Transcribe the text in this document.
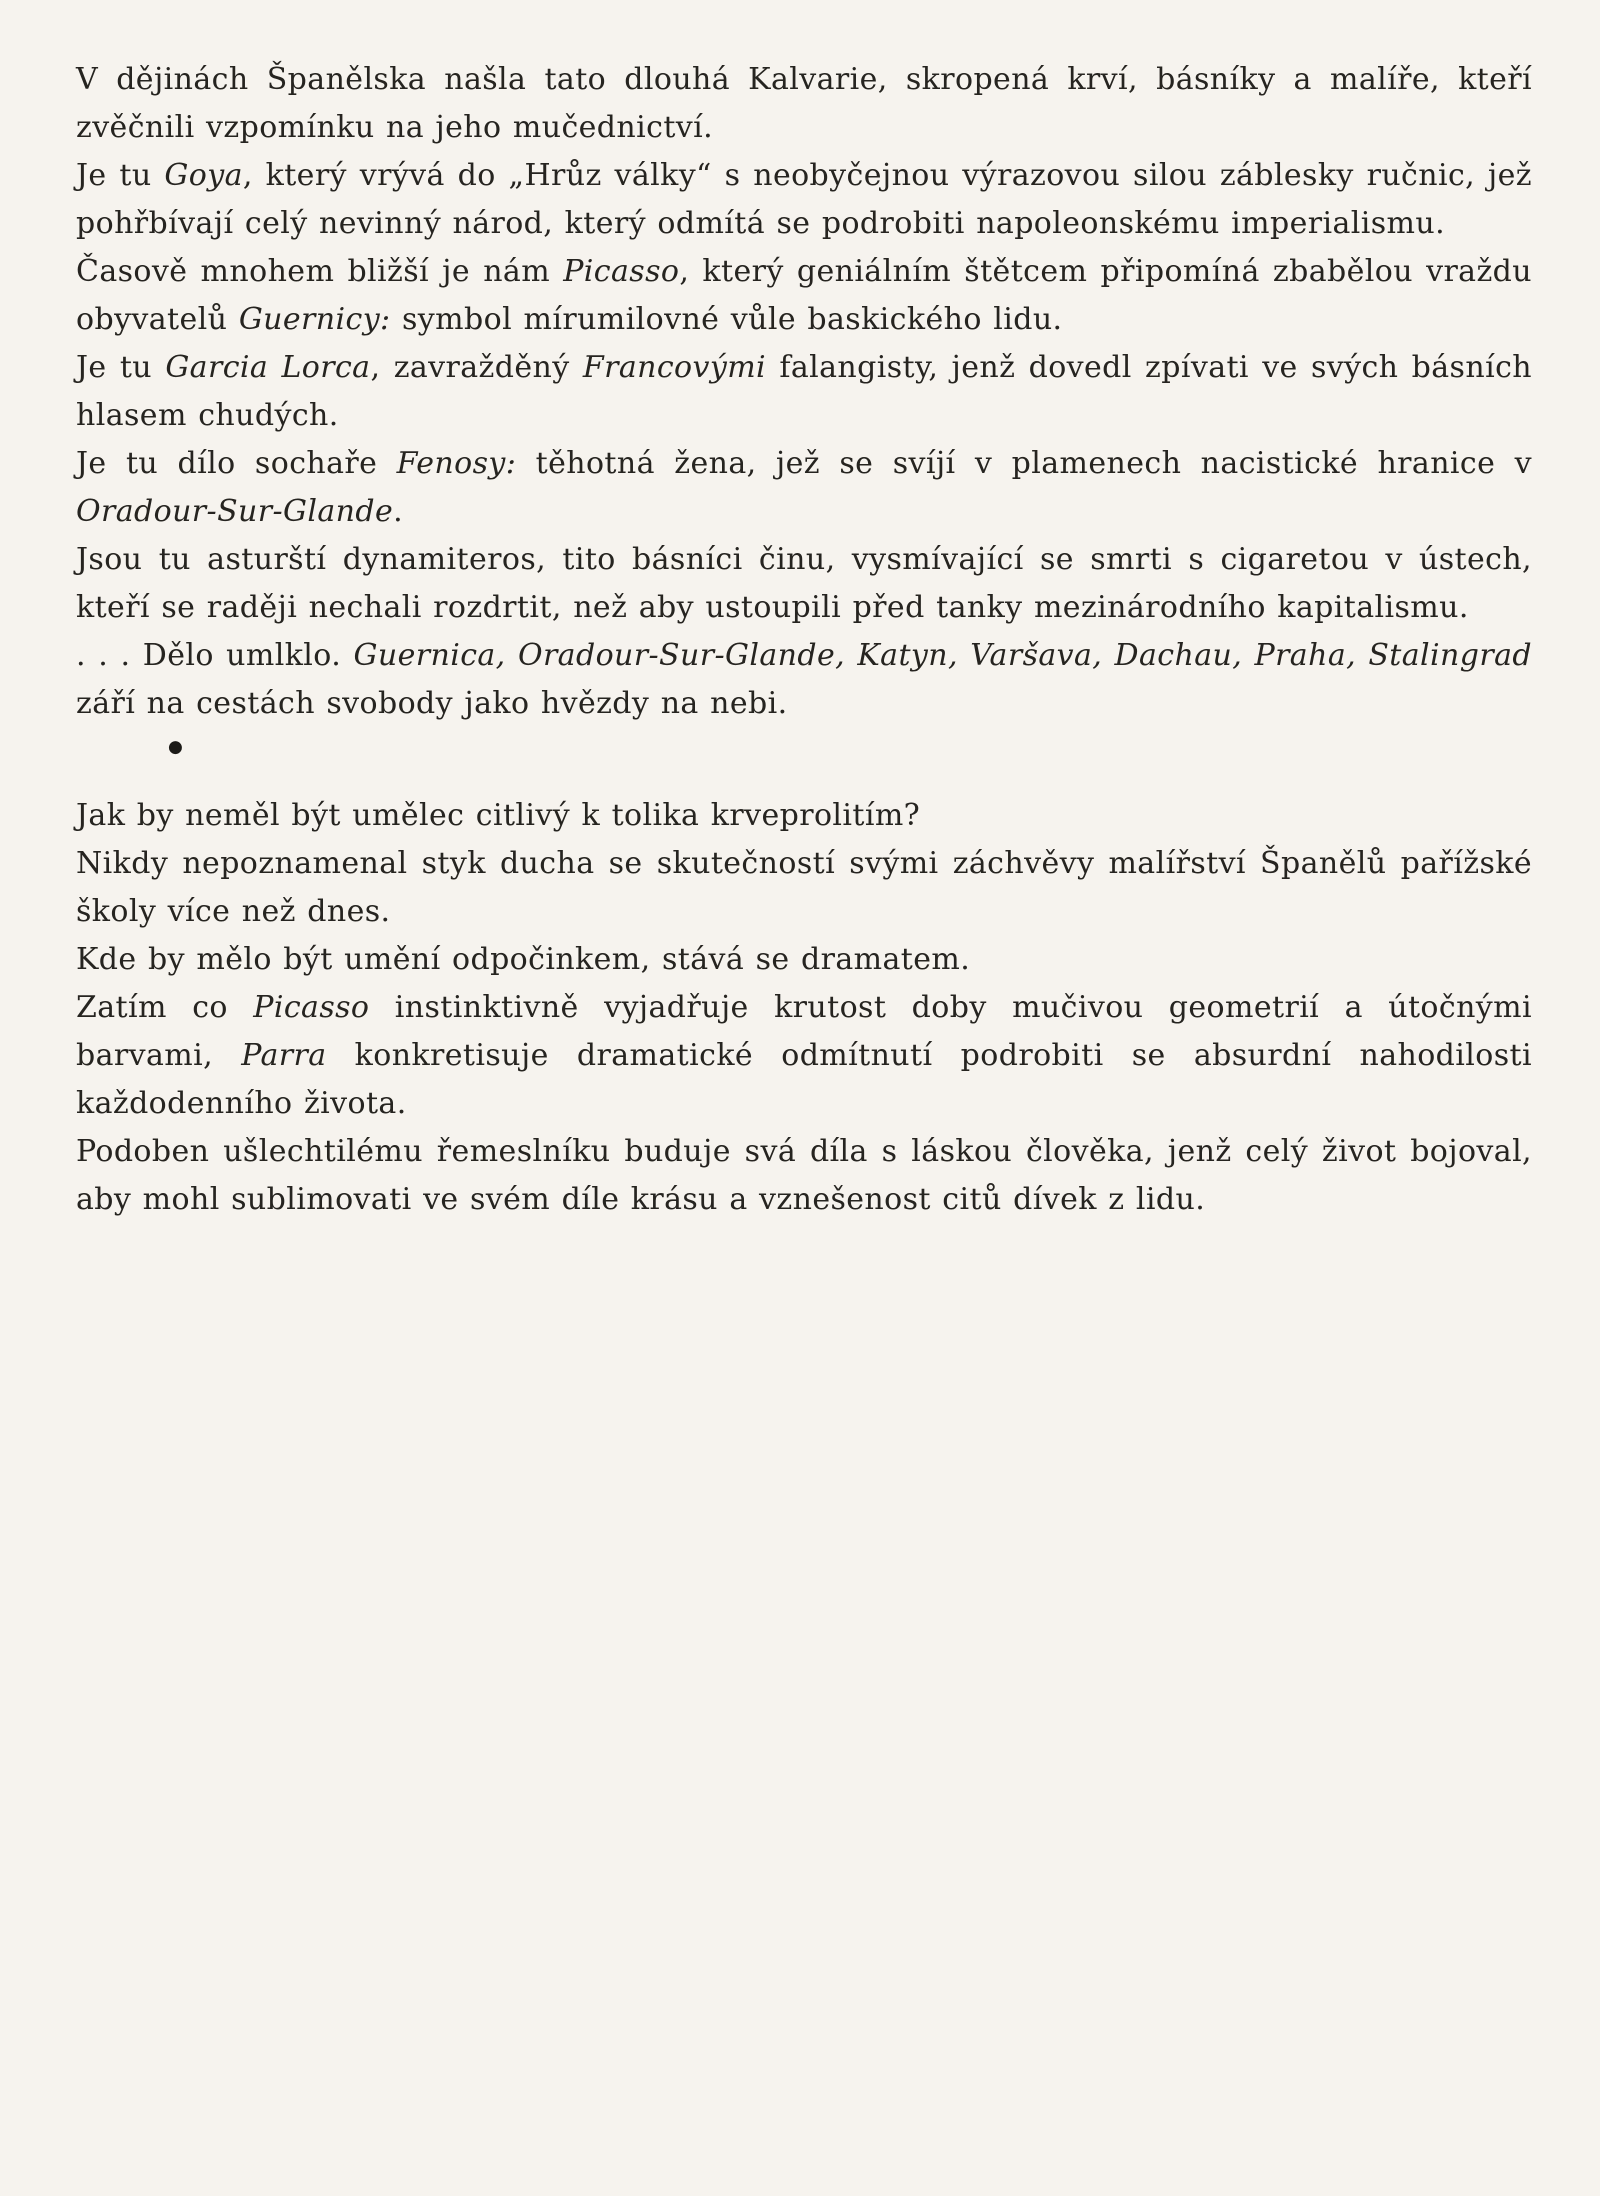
V dějinách Španělska našla tato dlouhá Kalvarie, skropená krví, básníky a malíře, kteří zvěčnili vzpomínku na jeho mučednictví.

Je tu Goya, který vrývá do „Hrůz války“ s neobyčejnou výrazovou silou záblesky ručnic, jež pohřbívají celý nevinný národ, který odmítá se podrobiti napoleonskému imperialismu.

Časově mnohem bližší je nám Picasso, který geniálním štětcem připomíná zbabělou vraždu obyvatelů Guernicy: symbol mírumilovné vůle baskického lidu.

Je tu Garcia Lorca, zavražděný Francovými falangisty, jenž dovedl zpívati ve svých básních hlasem chudých.

Je tu dílo sochaře Fenosy: těhotná žena, jež se svíjí v plamenech nacistické hranice v Oradour-Sur-Glande.

Jsou tu asturští dynamiteros, tito básníci činu, vysmívající se smrti s cigaretou v ústech, kteří se raději nechali rozdrtit, než aby ustoupili před tanky mezinárodního kapitalismu.

. . . Dělo umlklo. Guernica, Oradour-Sur-Glande, Katyn, Varšava, Dachau, Praha, Stalingrad září na cestách svobody jako hvězdy na nebi.

●

Jak by neměl být umělec citlivý k tolika krveprolitím?

Nikdy nepoznamenal styk ducha se skutečností svými záchvěvy malířství Španělů pařížské školy více než dnes.

Kde by mělo být umění odpočinkem, stává se dramatem.

Zatím co Picasso instinktivně vyjadřuje krutost doby mučivou geometrií a útočnými barvami, Parra konkretisuje dramatické odmítnutí podrobiti se absurdní nahodilosti každodenního života.

Podoben ušlechtilému řemeslníku buduje svá díla s láskou člověka, jenž celý život bojoval, aby mohl sublimovati ve svém díle krásu a vznešenost citů dívek z lidu.
